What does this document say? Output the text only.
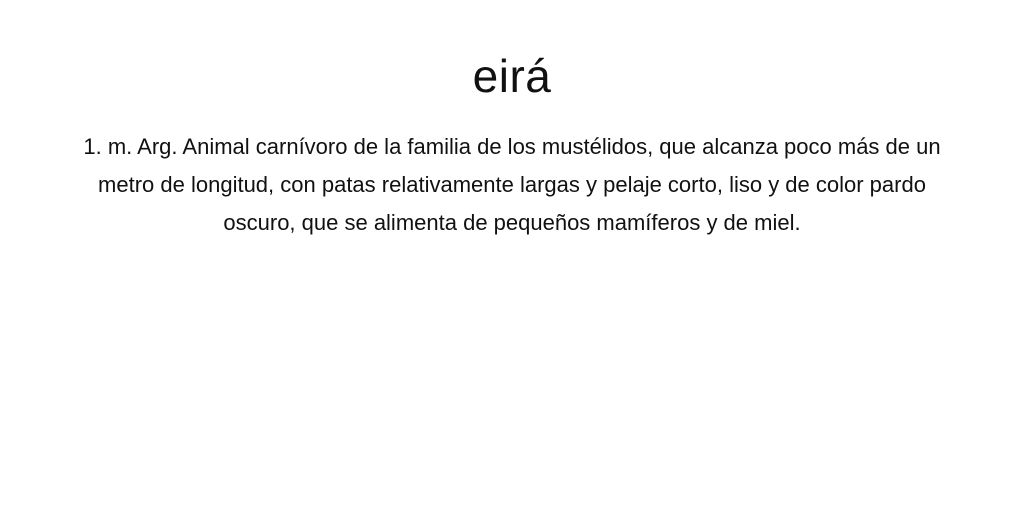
eirá

1. m. Arg. Animal carnívoro de la familia de los mustélidos, que alcanza poco más de un metro de longitud, con patas relativamente largas y pelaje corto, liso y de color pardo oscuro, que se alimenta de pequeños mamíferos y de miel.
